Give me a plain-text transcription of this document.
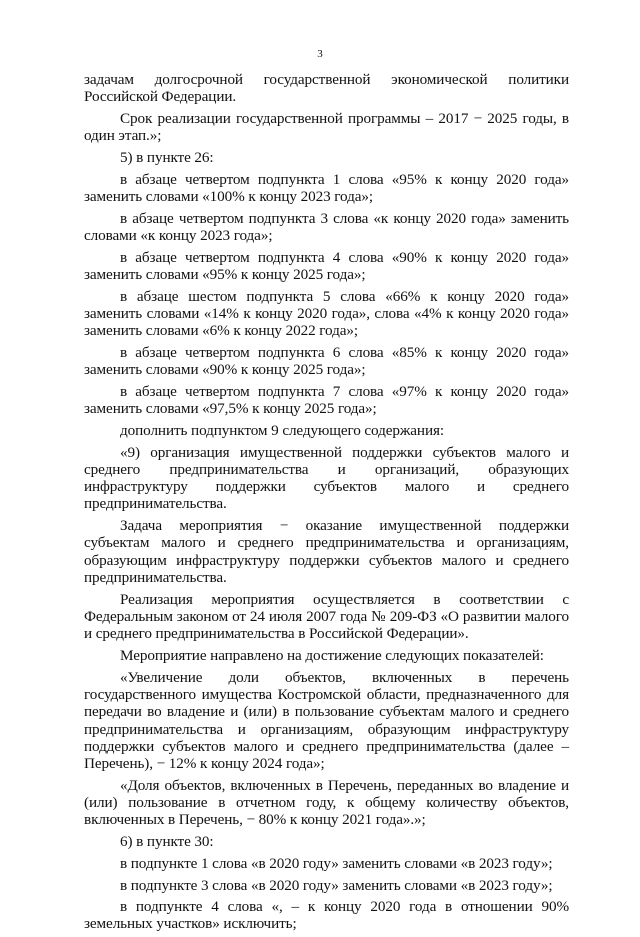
3

задачам долгосрочной государственной экономической политики Российской Федерации.

Срок реализации государственной программы – 2017 − 2025 годы, в один этап.»;

5) в пункте 26:

в абзаце четвертом подпункта 1 слова «95% к концу 2020 года» заменить словами «100% к концу 2023 года»;

в абзаце четвертом подпункта 3 слова «к концу 2020 года» заменить словами «к концу 2023 года»;

в абзаце четвертом подпункта 4 слова «90% к концу 2020 года» заменить словами «95% к концу 2025 года»;

в абзаце шестом подпункта 5 слова «66% к концу 2020 года» заменить словами «14% к концу 2020 года», слова «4% к концу 2020 года» заменить словами «6% к концу 2022 года»;

в абзаце четвертом подпункта 6 слова «85% к концу 2020 года» заменить словами «90% к концу 2025 года»;

в абзаце четвертом подпункта 7 слова «97% к концу 2020 года» заменить словами «97,5% к концу 2025 года»;

дополнить подпунктом 9 следующего содержания:

«9) организация имущественной поддержки субъектов малого и среднего предпринимательства и организаций, образующих инфраструктуру поддержки субъектов малого и среднего предпринимательства.

Задача мероприятия − оказание имущественной поддержки субъектам малого и среднего предпринимательства и организациям, образующим инфраструктуру поддержки субъектов малого и среднего предпринимательства.

Реализация мероприятия осуществляется в соответствии с Федеральным законом от 24 июля 2007 года № 209-ФЗ «О развитии малого и среднего предпринимательства в Российской Федерации».

Мероприятие направлено на достижение следующих показателей:

«Увеличение доли объектов, включенных в перечень государственного имущества Костромской области, предназначенного для передачи во владение и (или) в пользование субъектам малого и среднего предпринимательства и организациям, образующим инфраструктуру поддержки субъектов малого и среднего предпринимательства (далее – Перечень), − 12% к концу 2024 года»;

«Доля объектов, включенных в Перечень, переданных во владение и (или) пользование в отчетном году, к общему количеству объектов, включенных в Перечень, − 80% к концу 2021 года».»;

6) в пункте 30:

в подпункте 1 слова «в 2020 году» заменить словами «в 2023 году»;

в подпункте 3 слова «в 2020 году» заменить словами «в 2023 году»;

в подпункте 4 слова «, – к концу 2020 года в отношении 90% земельных участков» исключить;
